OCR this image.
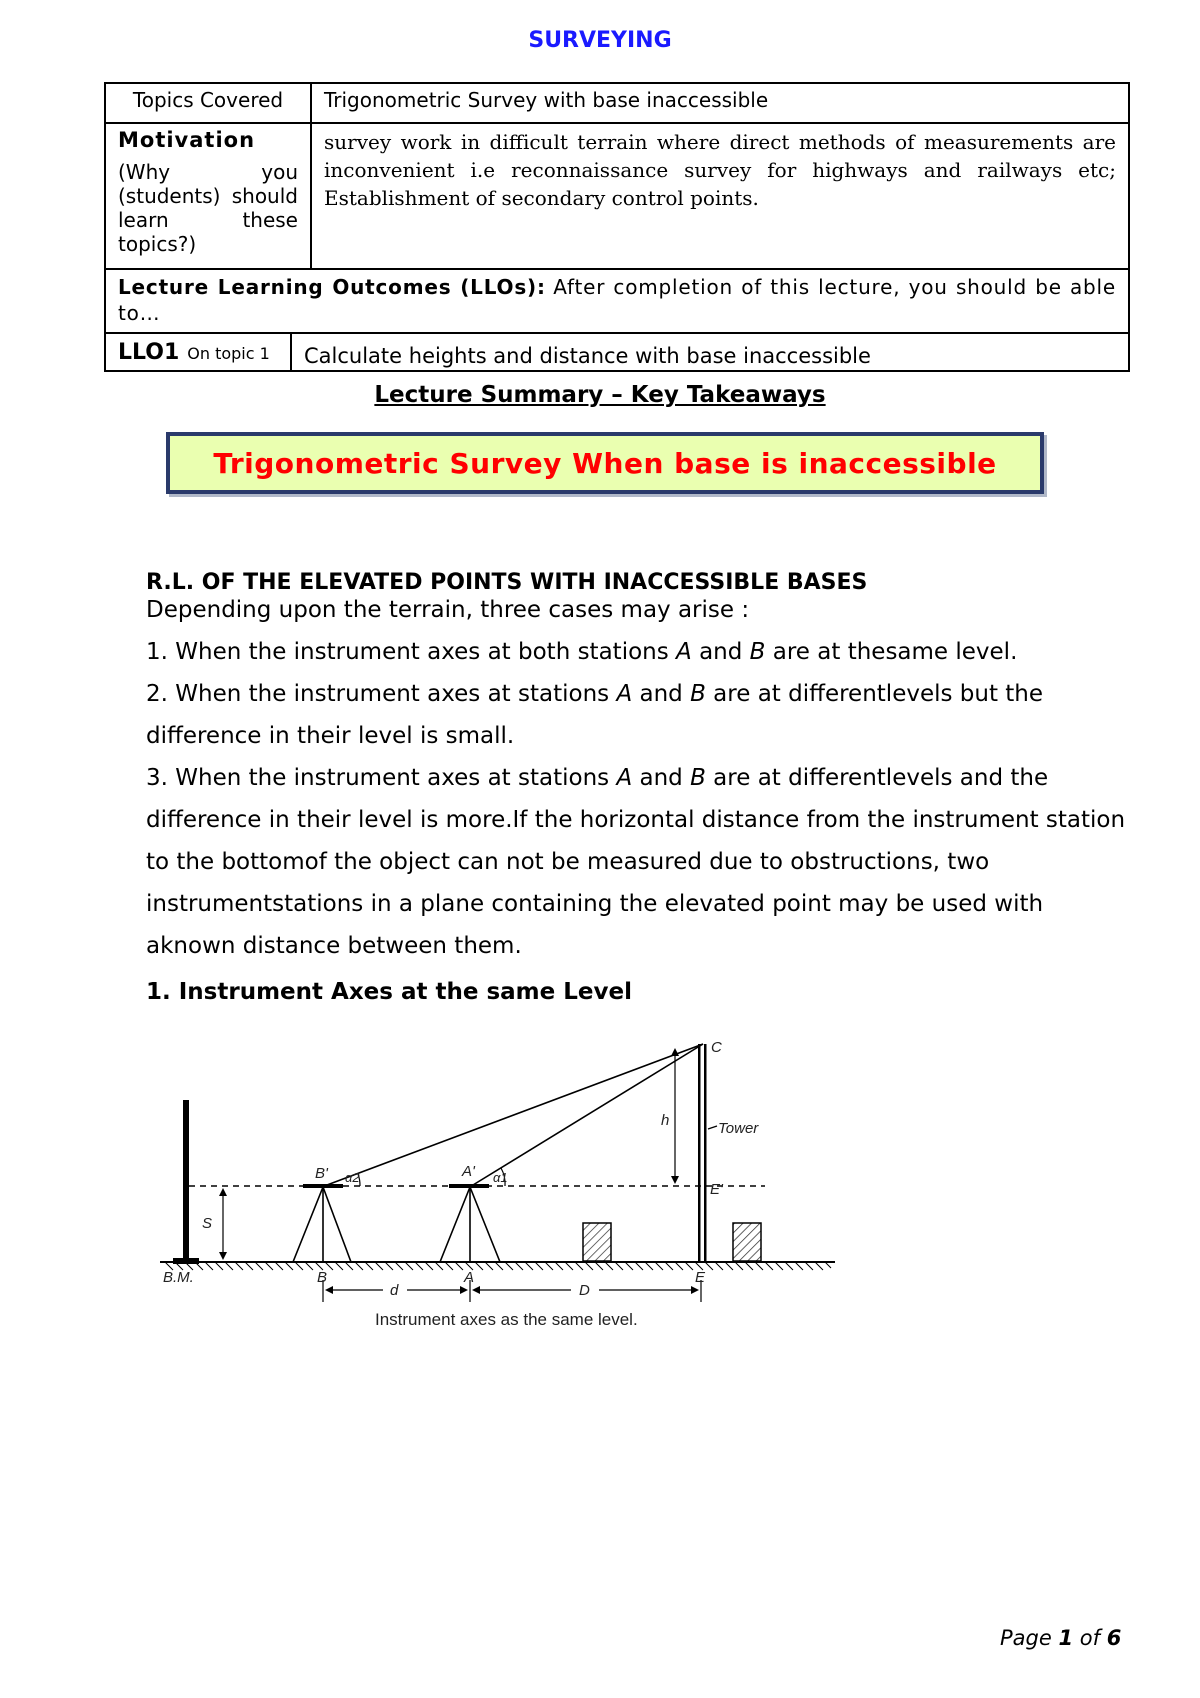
SURVEYING
Topics Covered	Trigonometric Survey with base inaccessible

Motivation
(Why you (students) should learn these topics?)	survey work in difficult terrain where direct methods of measurements are inconvenient i.e reconnaissance survey for highways and railways etc; Establishment of secondary control points.
Lecture Learning Outcomes (LLOs): After completion of this lecture, you should be able to…	
LLO1 On topic 1	Calculate heights and distance with base inaccessible
Lecture Summary – Key Takeaways
Trigonometric Survey When base is inaccessible
R.L. OF THE ELEVATED POINTS WITH INACCESSIBLE BASES
Depending upon the terrain, three cases may arise :
1. When the instrument axes at both stations A and B are at thesame level.
2. When the instrument axes at stations A and B are at differentlevels but the difference in their level is small.
3. When the instrument axes at stations A and B are at differentlevels and the difference in their level is more.If the horizontal distance from the instrument station to the bottomof the object can not be measured due to obstructions, two instrumentstations in a plane containing the elevated point may be used with aknown distance between them.
1. Instrument Axes at the same Level
C
Tower
h
E'
B'	A'
α2	α1
S
B.M.	B	A	E
d	D
Instrument axes as the same level.
Page 1 of 6
